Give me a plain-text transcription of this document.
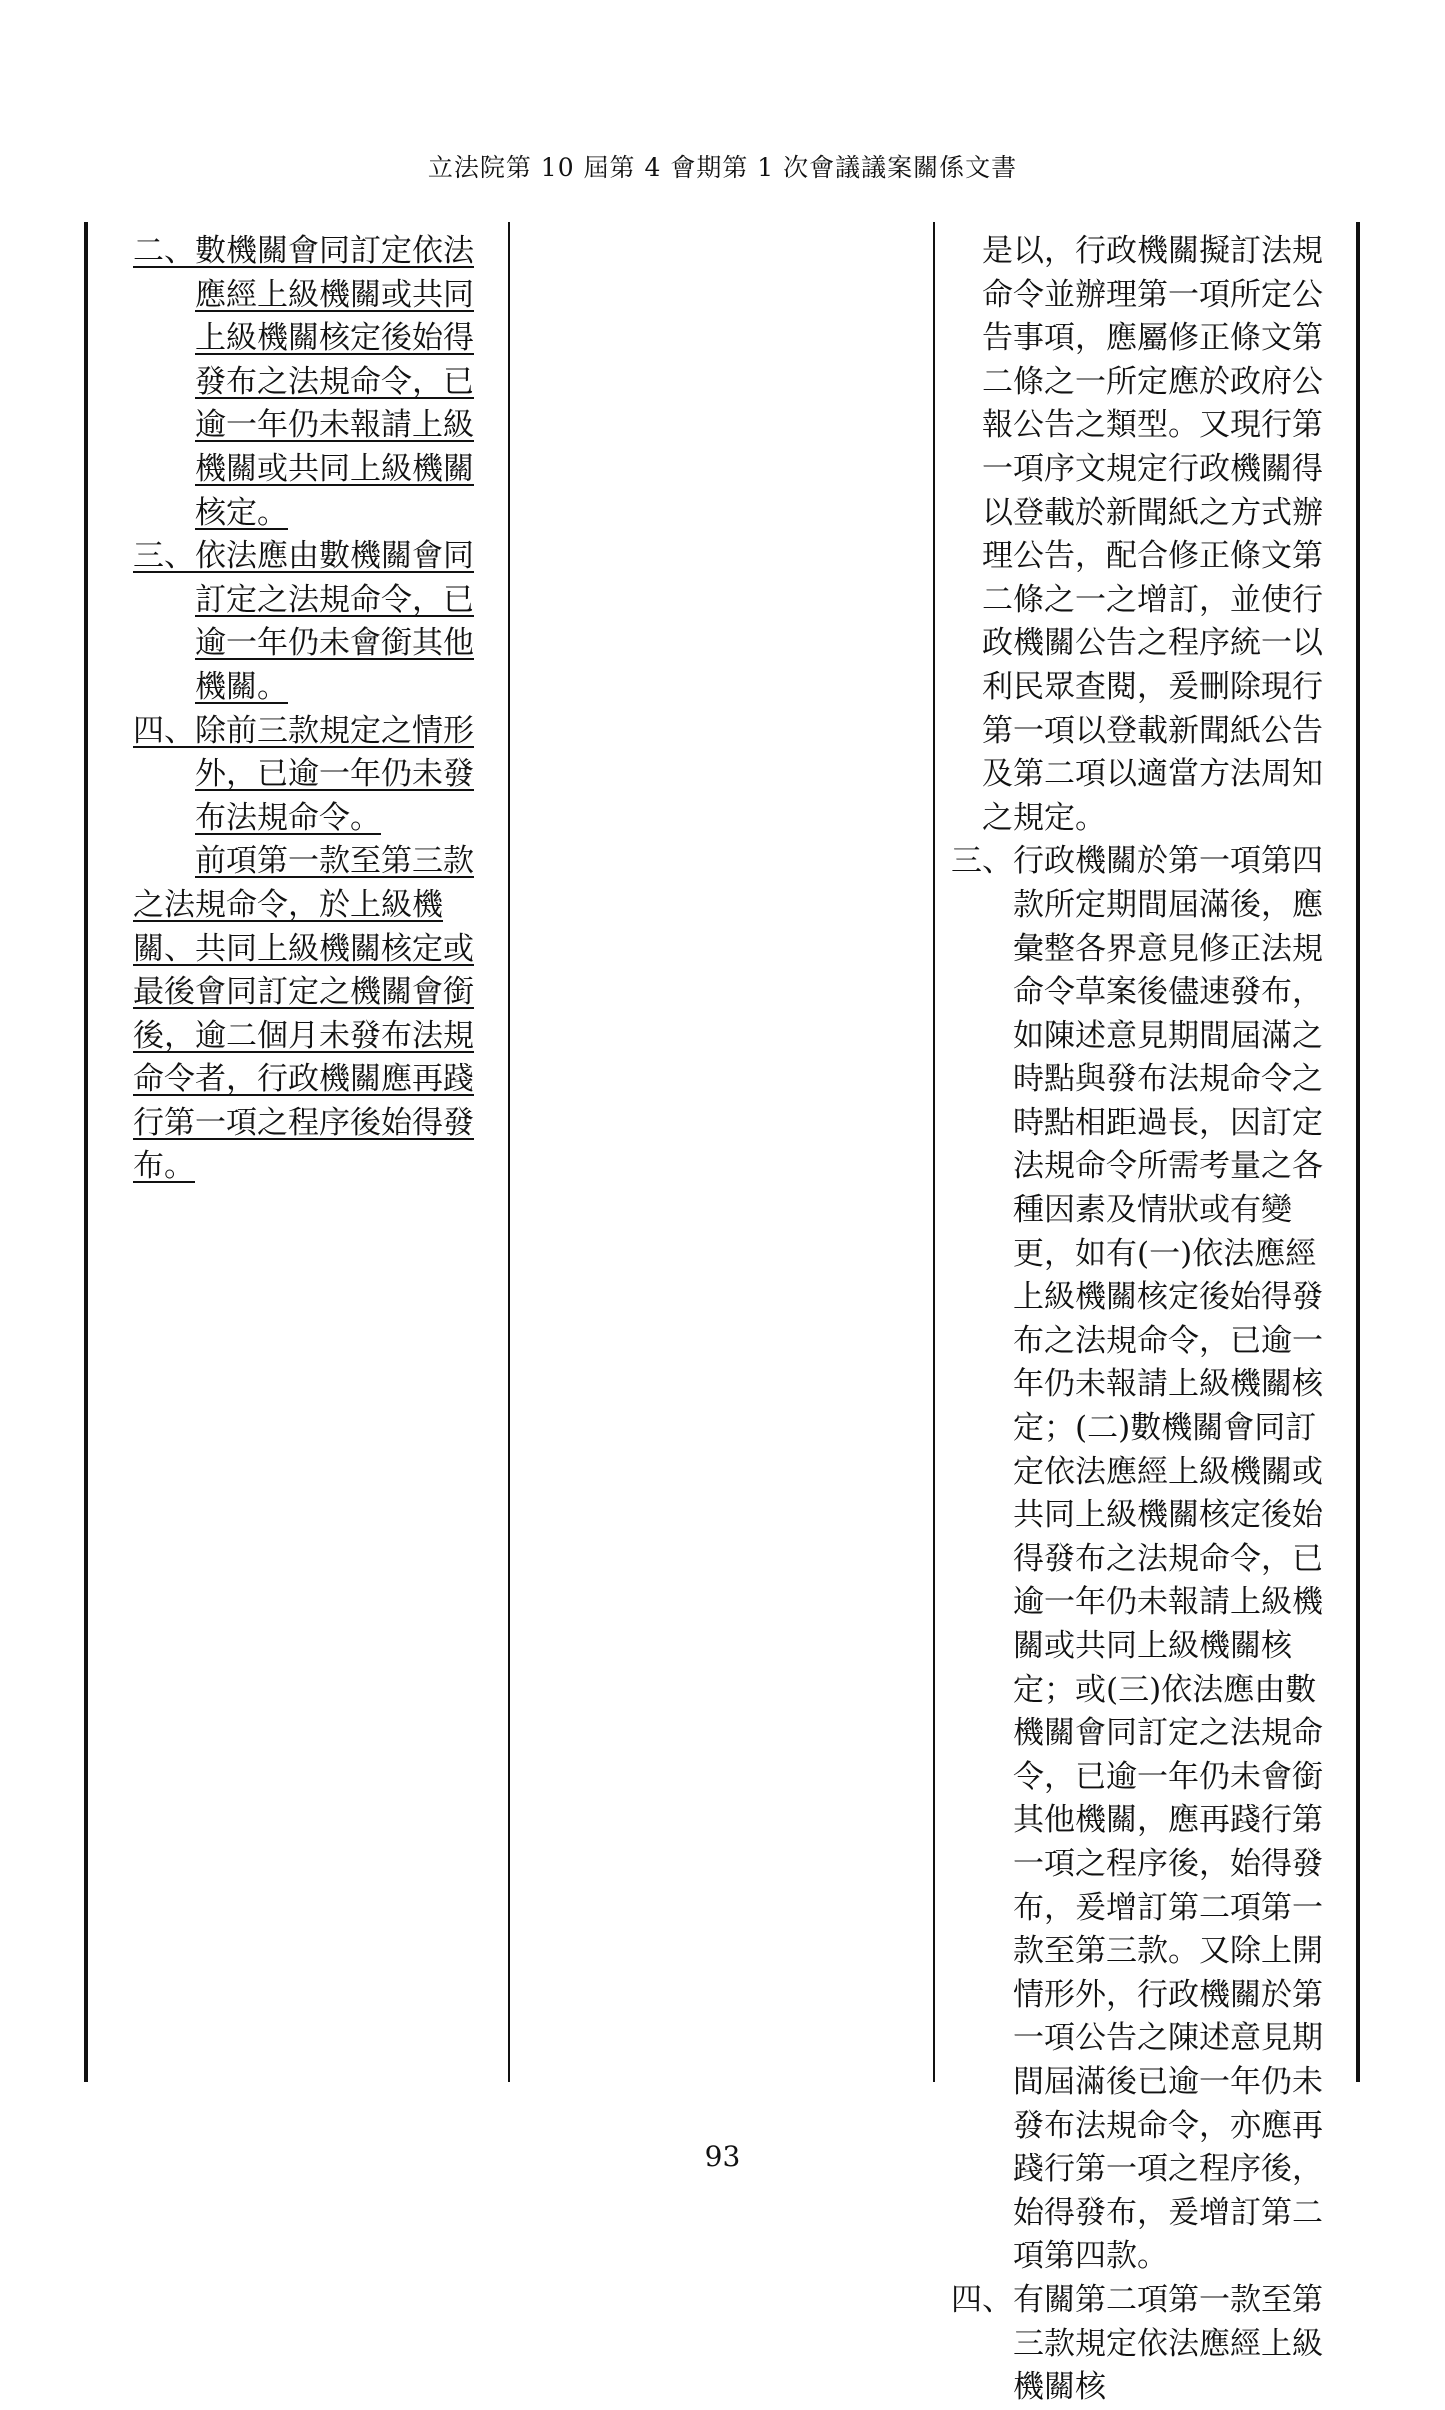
立法院第 10 屆第 4 會期第 1 次會議議案關係文書
二、 數機關會同訂定依法應經上級機關或共同上級機關核定後始得發布之法規命令，已逾一年仍未報請上級機關或共同上級機關核定。
三、 依法應由數機關會同訂定之法規命令，已逾一年仍未會銜其他機關。
四、 除前三款規定之情形外，已逾一年仍未發布法規命令。
前項第一款至第三款之法規命令，於上級機關、共同上級機關核定或最後會同訂定之機關會銜後，逾二個月未發布法規命令者，行政機關應再踐行第一項之程序後始得發布。
是以，行政機關擬訂法規命令並辦理第一項所定公告事項，應屬修正條文第二條之一所定應於政府公報公告之類型。又現行第一項序文規定行政機關得以登載於新聞紙之方式辦理公告，配合修正條文第二條之一之增訂，並使行政機關公告之程序統一以利民眾查閱，爰刪除現行第一項以登載新聞紙公告及第二項以適當方法周知之規定。
三、 行政機關於第一項第四款所定期間屆滿後，應彙整各界意見修正法規命令草案後儘速發布，如陳述意見期間屆滿之時點與發布法規命令之時點相距過長，因訂定法規命令所需考量之各種因素及情狀或有變更，如有(一)依法應經上級機關核定後始得發布之法規命令，已逾一年仍未報請上級機關核定；(二)數機關會同訂定依法應經上級機關或共同上級機關核定後始得發布之法規命令，已逾一年仍未報請上級機關或共同上級機關核定；或(三)依法應由數機關會同訂定之法規命令，已逾一年仍未會銜其他機關，應再踐行第一項之程序後，始得發布，爰增訂第二項第一款至第三款。又除上開情形外，行政機關於第一項公告之陳述意見期間屆滿後已逾一年仍未發布法規命令，亦應再踐行第一項之程序後，始得發布，爰增訂第二項第四款。
四、 有關第二項第一款至第三款規定依法應經上級機關核
93
